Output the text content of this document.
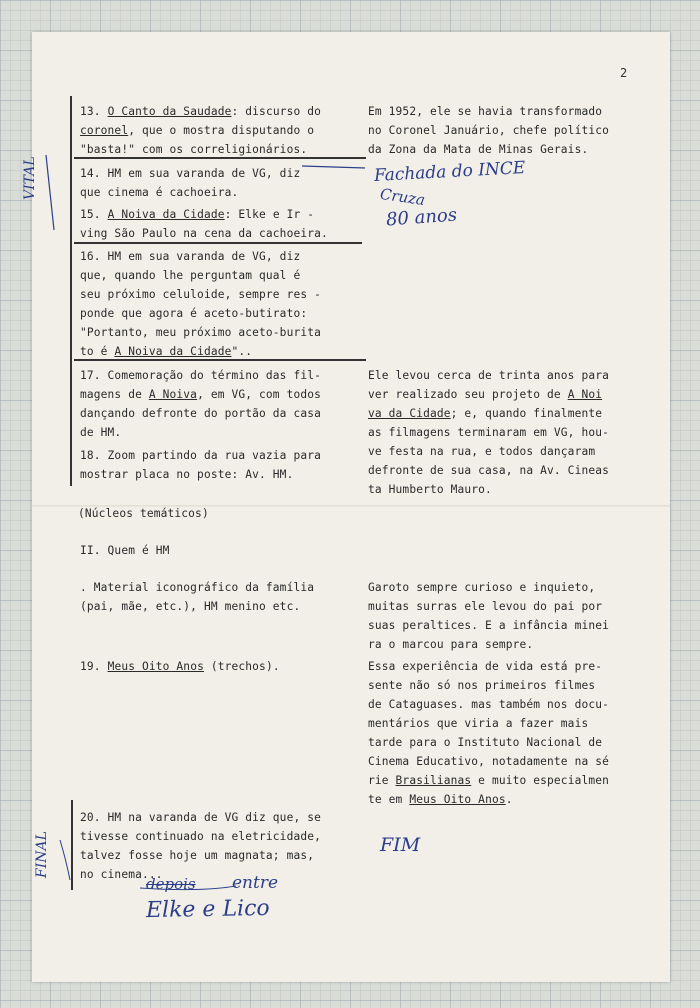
2
13. O Canto da Saudade: discurso do
coronel, que o mostra disputando o
"basta!" com os correligionários.
14. HM em sua varanda de VG, diz
que cinema é cachoeira.
15. A Noiva da Cidade: Elke e Ir -
ving São Paulo na cena da cachoeira.
16. HM em sua varanda de VG, diz
que, quando lhe perguntam qual é
seu próximo celuloide, sempre res -
ponde que agora é aceto-butirato:
"Portanto, meu próximo aceto-burita
to é A Noiva da Cidade"..
17. Comemoração do término das fil-
magens de A Noiva, em VG, com todos
dançando defronte do portão da casa
de HM.
18. Zoom partindo da rua vazia para
mostrar placa no poste: Av. HM.
(Núcleos temáticos)
II. Quem é HM
. Material iconográfico da família
(pai, mãe, etc.), HM menino etc.
19. Meus Oito Anos (trechos).
20. HM na varanda de VG diz que, se
tivesse continuado na eletricidade,
talvez fosse hoje um magnata; mas,
no cinema...
Em 1952, ele se havia transformado
no Coronel Januário, chefe político
da Zona da Mata de Minas Gerais.
Ele levou cerca de trinta anos para
ver realizado seu projeto de A Noi
va da Cidade; e, quando finalmente
as filmagens terminaram em VG, hou-
ve festa na rua, e todos dançaram
defronte de sua casa, na Av. Cineas
ta Humberto Mauro.
Garoto sempre curioso e inquieto,
muitas surras ele levou do pai por
suas peraltices. E a infância minei
ra o marcou para sempre.
Essa experiência de vida está pre-
sente não só nos primeiros filmes
de Cataguases. mas também nos docu-
mentários que viria a fazer mais
tarde para o Instituto Nacional de
Cinema Educativo, notadamente na sé
rie Brasilianas e muito especialmen
te em Meus Oito Anos.
Fachada do INCE
Cruza
80 anos
VITAL
FINAL	FIM
depois entre
Elke e Lico
